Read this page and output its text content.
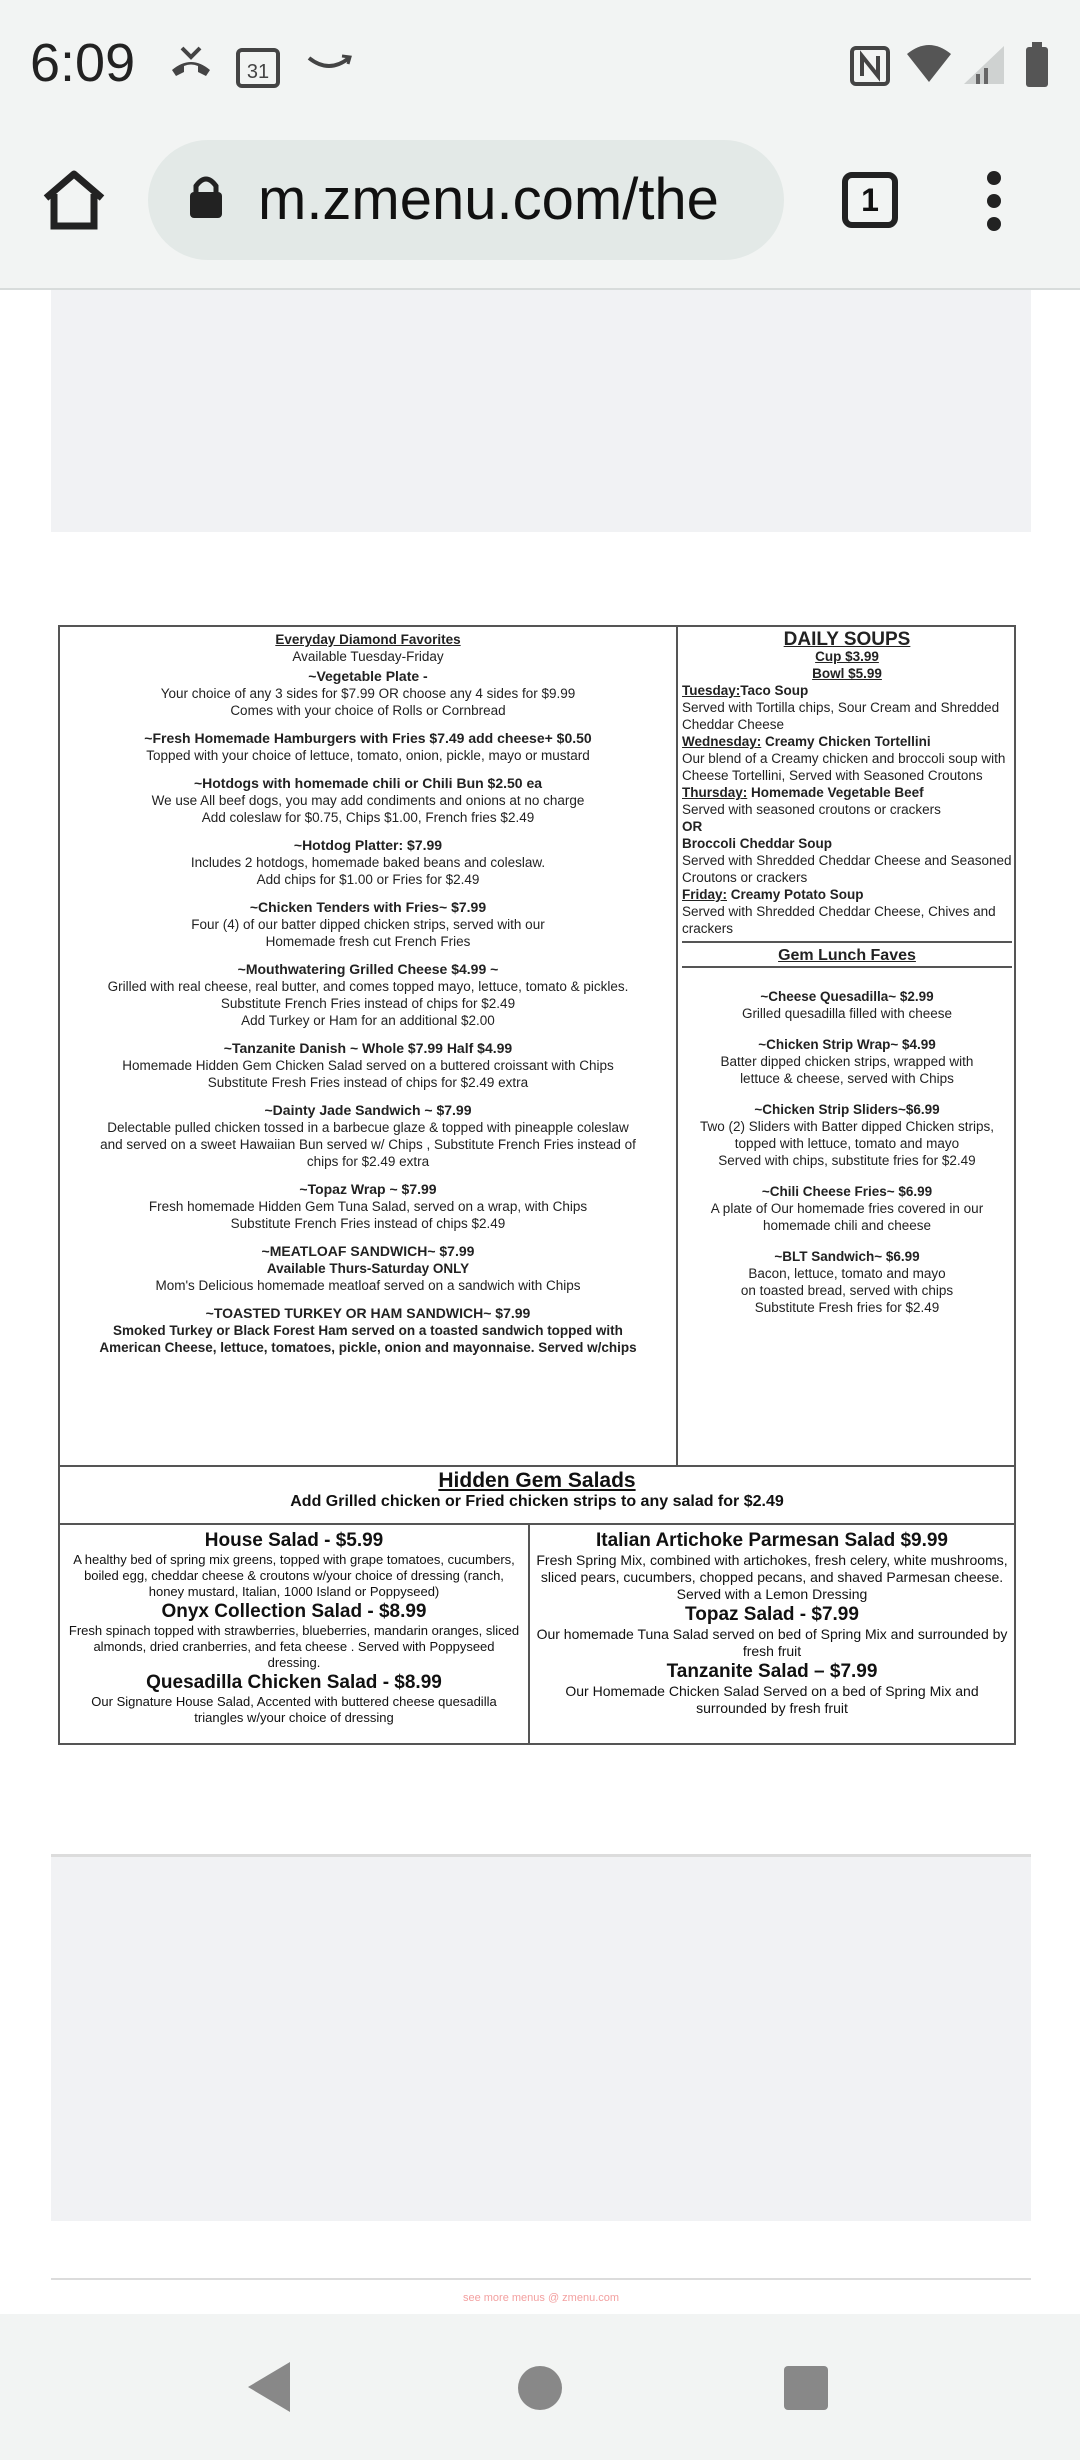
6:09	31
m.zmenu.com/the	1

Everyday Diamond Favorites

Available Tuesday-Friday

~Vegetable Plate -

Your choice of any 3 sides for $7.99 OR choose any 4 sides for $9.99

Comes with your choice of Rolls or Cornbread

~Fresh Homemade Hamburgers with Fries $7.49 add cheese+ $0.50

Topped with your choice of lettuce, tomato, onion, pickle, mayo or mustard

~Hotdogs with homemade chili or Chili Bun $2.50 ea

We use All beef dogs, you may add condiments and onions at no charge

Add coleslaw for $0.75, Chips $1.00, French fries $2.49

~Hotdog Platter: $7.99

Includes 2 hotdogs, homemade baked beans and coleslaw.

Add chips for $1.00 or Fries for $2.49

~Chicken Tenders with Fries~ $7.99

Four (4) of our batter dipped chicken strips, served with our

Homemade fresh cut French Fries

~Mouthwatering Grilled Cheese $4.99 ~

Grilled with real cheese, real butter, and comes topped mayo, lettuce, tomato & pickles.

Substitute French Fries instead of chips for $2.49

Add Turkey or Ham for an additional $2.00

~Tanzanite Danish ~ Whole $7.99 Half $4.99

Homemade Hidden Gem Chicken Salad served on a buttered croissant with Chips

Substitute Fresh Fries instead of chips for $2.49 extra

~Dainty Jade Sandwich ~ $7.99

Delectable pulled chicken tossed in a barbecue glaze & topped with pineapple coleslaw

and served on a sweet Hawaiian Bun served w/ Chips , Substitute French Fries instead of

chips for $2.49 extra

~Topaz Wrap ~ $7.99

Fresh homemade Hidden Gem Tuna Salad, served on a wrap, with Chips

Substitute French Fries instead of chips $2.49

~MEATLOAF SANDWICH~ $7.99

Available Thurs-Saturday ONLY

Mom's Delicious homemade meatloaf served on a sandwich with Chips

~TOASTED TURKEY OR HAM SANDWICH~ $7.99

Smoked Turkey or Black Forest Ham served on a toasted sandwich topped with

American Cheese, lettuce, tomatoes, pickle, onion and mayonnaise. Served w/chips

DAILY SOUPS

Cup $3.99

Bowl $5.99

Tuesday:Taco Soup

Served with Tortilla chips, Sour Cream and Shredded Cheddar Cheese

Wednesday: Creamy Chicken Tortellini

Our blend of a Creamy chicken and broccoli soup with Cheese Tortellini, Served with Seasoned Croutons

Thursday: Homemade Vegetable Beef

Served with seasoned croutons or crackers

OR

Broccoli Cheddar Soup

Served with Shredded Cheddar Cheese and Seasoned Croutons or crackers

Friday: Creamy Potato Soup

Served with Shredded Cheddar Cheese, Chives and crackers

Gem Lunch Faves

~Cheese Quesadilla~ $2.99

Grilled quesadilla filled with cheese

~Chicken Strip Wrap~ $4.99

Batter dipped chicken strips, wrapped with

lettuce & cheese, served with Chips

~Chicken Strip Sliders~$6.99

Two (2) Sliders with Batter dipped Chicken strips,

topped with lettuce, tomato and mayo

Served with chips, substitute fries for $2.49

~Chili Cheese Fries~ $6.99

A plate of Our homemade fries covered in our

homemade chili and cheese

~BLT Sandwich~ $6.99

Bacon, lettuce, tomato and mayo

on toasted bread, served with chips

Substitute Fresh fries for $2.49

Hidden Gem Salads

Add Grilled chicken or Fried chicken strips to any salad for $2.49

House Salad - $5.99

A healthy bed of spring mix greens, topped with grape tomatoes, cucumbers, boiled egg, cheddar cheese & croutons w/your choice of dressing (ranch, honey mustard, Italian, 1000 Island or Poppyseed)

Onyx Collection Salad - $8.99

Fresh spinach topped with strawberries, blueberries, mandarin oranges, sliced almonds, dried cranberries, and feta cheese . Served with Poppyseed dressing.

Quesadilla Chicken Salad - $8.99

Our Signature House Salad, Accented with buttered cheese quesadilla triangles w/your choice of dressing

Italian Artichoke Parmesan Salad $9.99

Fresh Spring Mix, combined with artichokes, fresh celery, white mushrooms, sliced pears, cucumbers, chopped pecans, and shaved Parmesan cheese. Served with a Lemon Dressing

Topaz Salad - $7.99

Our homemade Tuna Salad served on bed of Spring Mix and surrounded by fresh fruit

Tanzanite Salad – $7.99

Our Homemade Chicken Salad Served on a bed of Spring Mix and surrounded by fresh fruit

$_{see more menus @ zmenu.com}$
